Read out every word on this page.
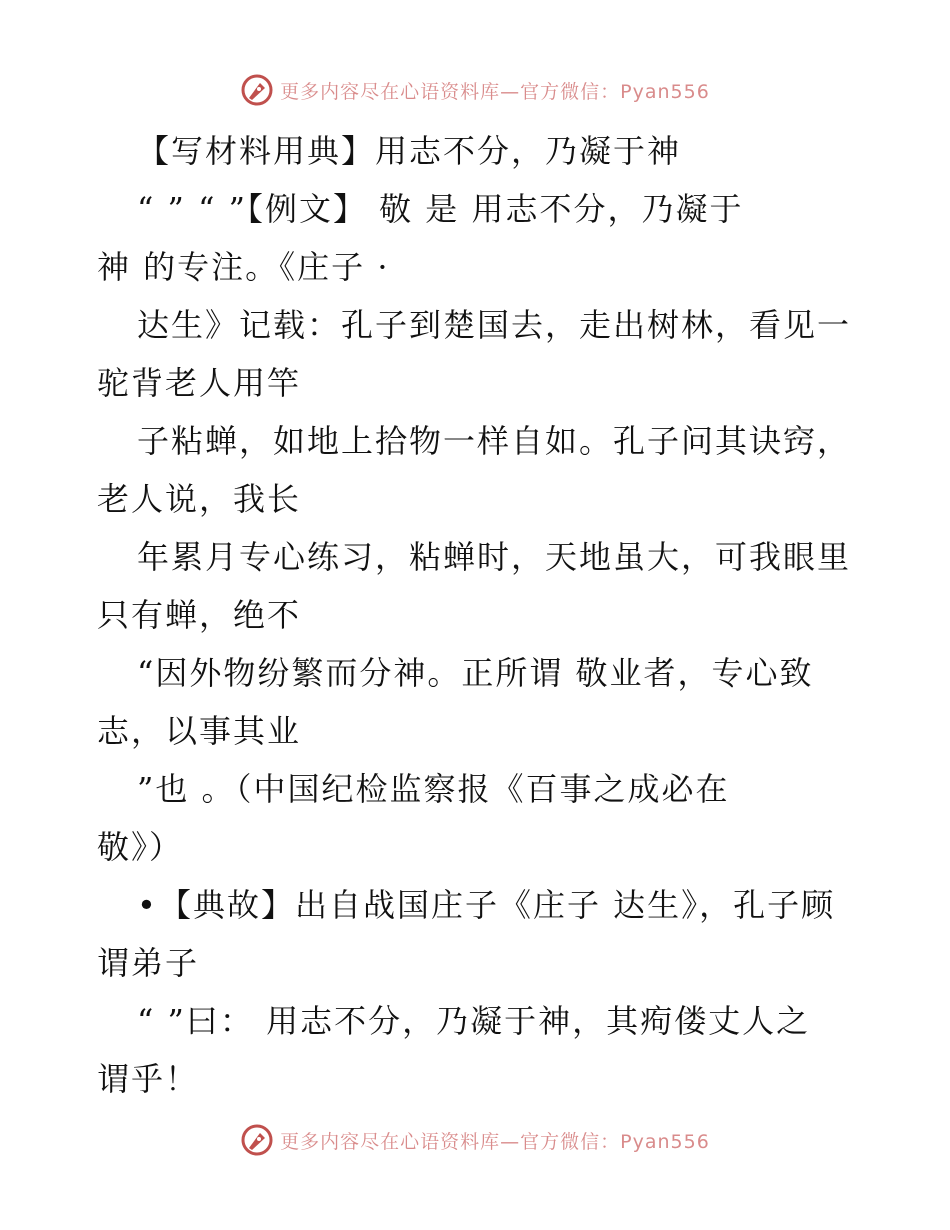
更多内容尽在心语资料库—官方微信：Pyan556
【写材料用典】用志不分，乃凝于神
“ ” “ ”【例文】 敬 是 用志不分，乃凝于
神 的专注。《庄子 ·
达生》记载：孔子到楚国去，走出树林，看见一
驼背老人用竿
子粘蝉，如地上拾物一样自如。孔子问其诀窍，
老人说，我长
年累月专心练习，粘蝉时，天地虽大，可我眼里
只有蝉，绝不
“因外物纷繁而分神。正所谓 敬业者，专心致
志，以事其业
”也 。（中国纪检监察报《百事之成必在
敬》）
•【典故】出自战国庄子《庄子 达生》，孔子顾
谓弟子
“ ”曰： 用志不分，乃凝于神，其痀偻丈人之
谓乎！
更多内容尽在心语资料库—官方微信：Pyan556
